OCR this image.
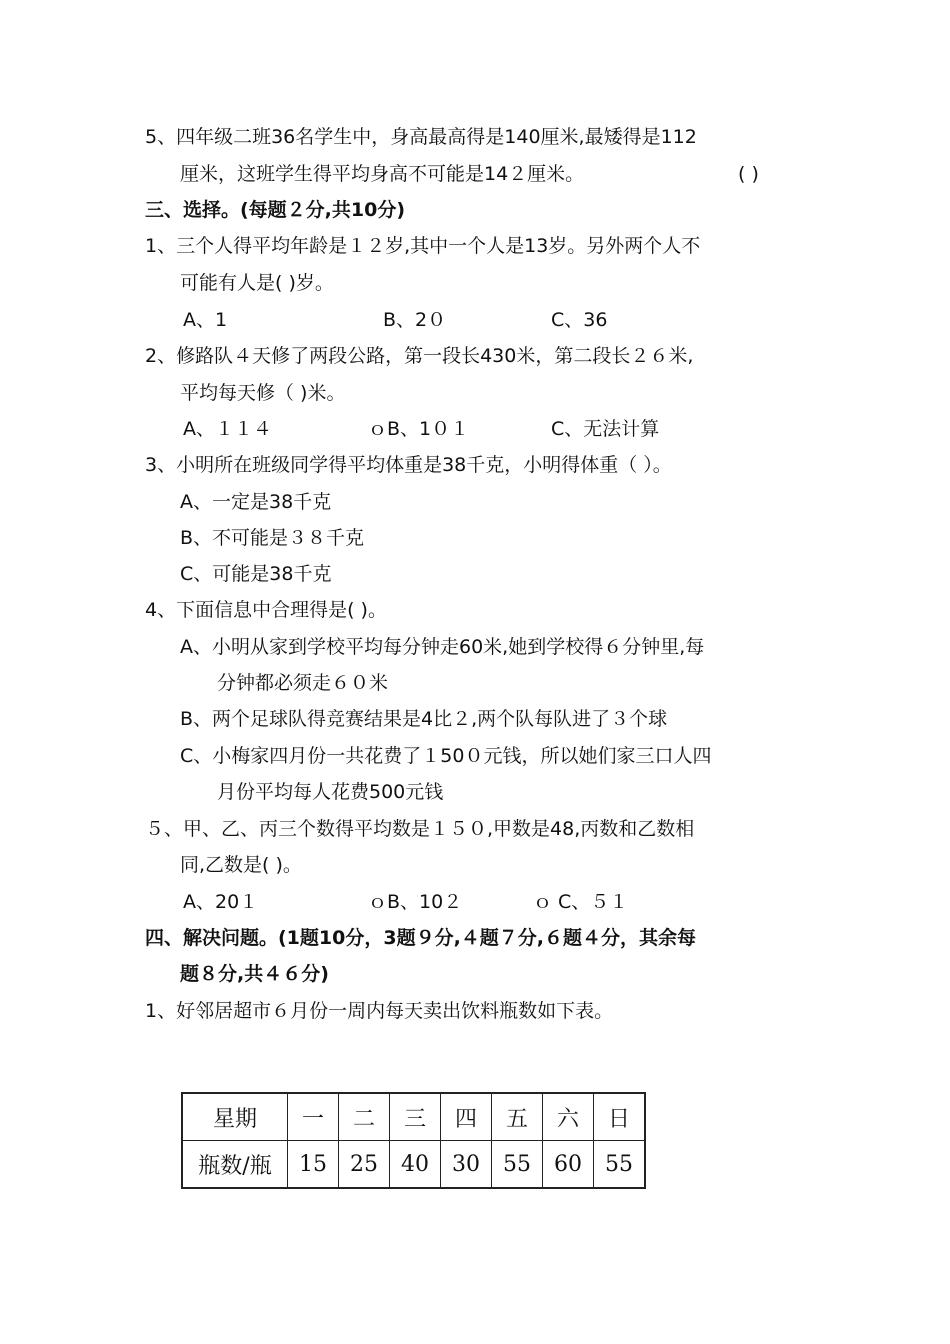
5、四年级二班36名学生中，身高最高得是140厘米,最矮得是112
厘米，这班学生得平均身高不可能是14２厘米。	( )
三、选择。(每题２分,共10分)
1、三个人得平均年龄是１２岁,其中一个人是13岁。另外两个人不
可能有人是( )岁。
A、1	B、2０	C、36
2、修路队４天修了两段公路，第一段长430米，第二段长２６米,
平均每天修（ )米。
A、１１４	ｏB、1０１	C、无法计算
3、小明所在班级同学得平均体重是38千克，小明得体重（ ）。
A、一定是38千克
B、不可能是３８千克
C、可能是38千克
4、下面信息中合理得是( )。
A、小明从家到学校平均每分钟走60米,她到学校得６分钟里,每
分钟都必须走６０米
B、两个足球队得竞赛结果是4比２,两个队每队进了３个球
C、小梅家四月份一共花费了１50０元钱，所以她们家三口人四
月份平均每人花费500元钱
５、甲、乙、丙三个数得平均数是１５０,甲数是48,丙数和乙数相
同,乙数是( )。
A、20１	ｏB、10２	ｏ C、５１
四、解决问题。(1题10分，3题９分,４题７分,６题４分，其余每
题８分,共４６分)
1、好邻居超市６月份一周内每天卖出饮料瓶数如下表。
星期	一	二	三	四	五	六	日
瓶数/瓶	15	25	40	30	55	60	55
